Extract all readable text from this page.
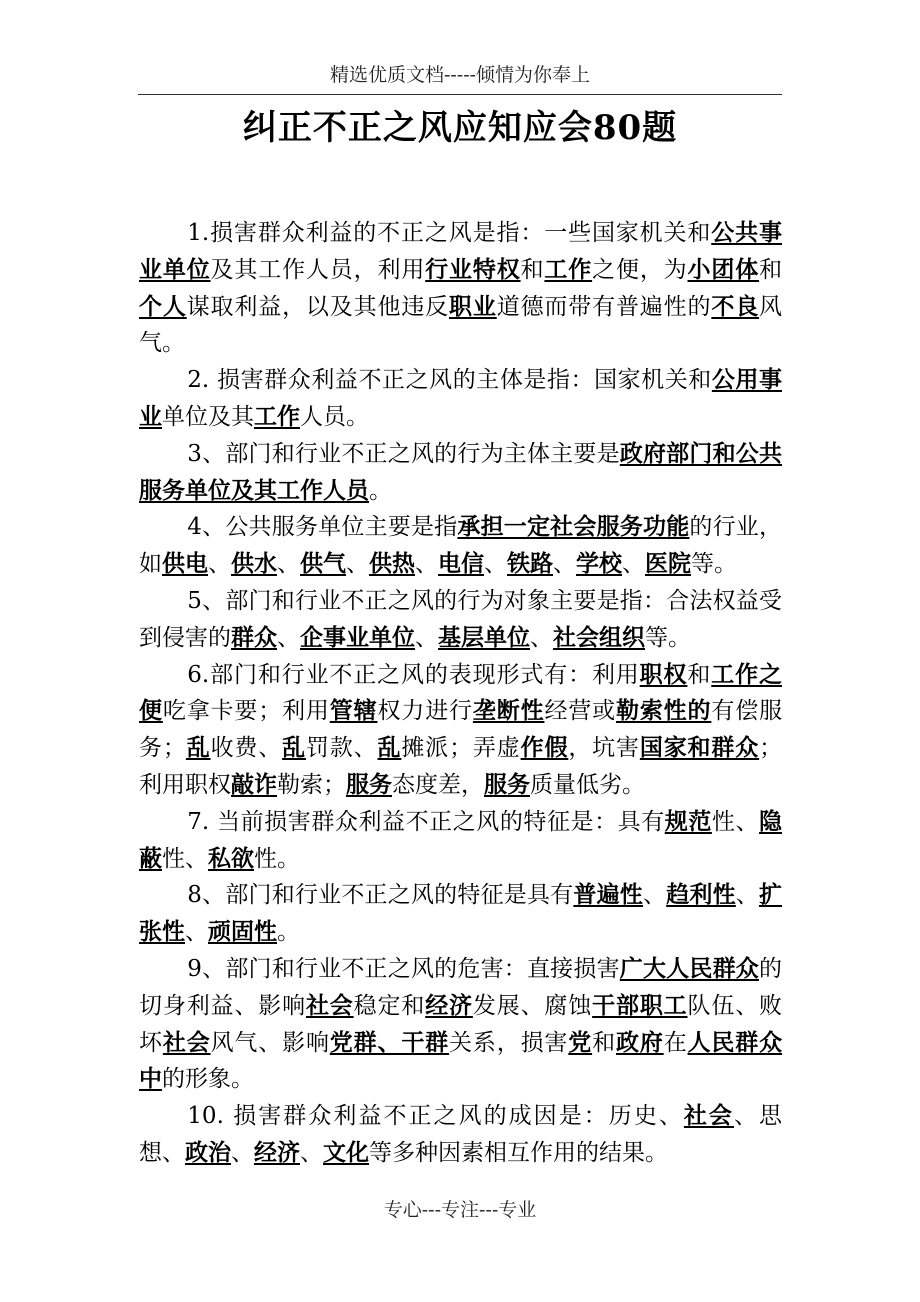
精选优质文档-----倾情为你奉上
纠正不正之风应知应会80题

1.损害群众利益的不正之风是指：一些国家机关和公共事业单位及其工作人员，利用行业特权和工作之便，为小团体和个人谋取利益，以及其他违反职业道德而带有普遍性的不良风气。

2. 损害群众利益不正之风的主体是指：国家机关和公用事业单位及其工作人员。

3、部门和行业不正之风的行为主体主要是政府部门和公共服务单位及其工作人员。

4、公共服务单位主要是指承担一定社会服务功能的行业，如供电、供水、供气、供热、电信、铁路、学校、医院等。

5、部门和行业不正之风的行为对象主要是指：合法权益受到侵害的群众、企事业单位、基层单位、社会组织等。

6.部门和行业不正之风的表现形式有：利用职权和工作之便吃拿卡要；利用管辖权力进行垄断性经营或勒索性的有偿服务；乱收费、乱罚款、乱摊派；弄虚作假，坑害国家和群众；利用职权敲诈勒索；服务态度差，服务质量低劣。

7. 当前损害群众利益不正之风的特征是：具有规范性、隐蔽性、私欲性。

8、部门和行业不正之风的特征是具有普遍性、趋利性、扩张性、顽固性。

9、部门和行业不正之风的危害：直接损害广大人民群众的切身利益、影响社会稳定和经济发展、腐蚀干部职工队伍、败坏社会风气、影响党群、干群关系，损害党和政府在人民群众中的形象。

10. 损害群众利益不正之风的成因是：历史、社会、思想、政治、经济、文化等多种因素相互作用的结果。

专心---专注---专业
